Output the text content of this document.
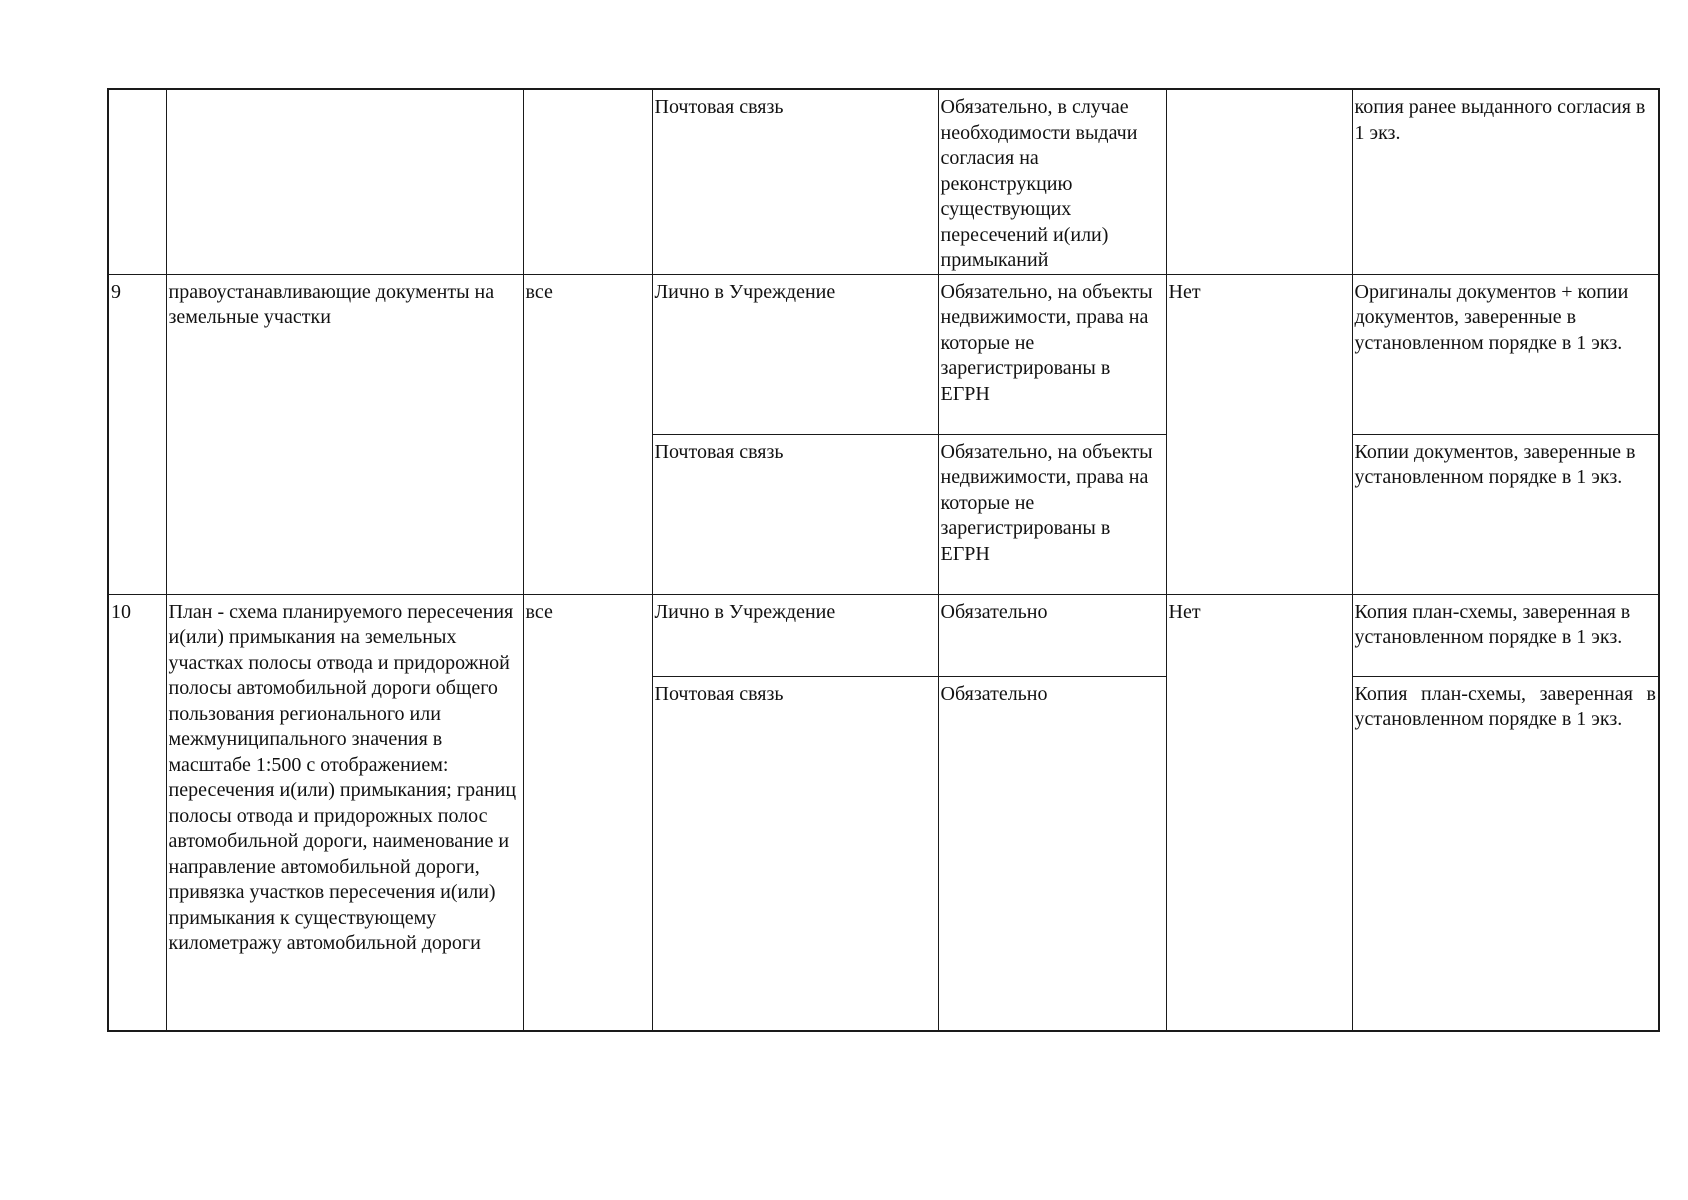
			Почтовая связь	Обязательно, в случае необходимости выдачи согласия на реконструкцию существующих пересечений и(или) примыканий		копия ранее выданного согласия в 1 экз.
9	правоустанавливающие документы на земельные участки	все	Лично в Учреждение	Обязательно, на объекты недвижимости, права на которые не зарегистрированы в ЕГРН	Нет	Оригиналы документов + копии документов, заверенные в установленном порядке в 1 экз.
			Почтовая связь	Обязательно, на объекты недвижимости, права на которые не зарегистрированы в ЕГРН		Копии документов, заверенные в установленном порядке в 1 экз.
10	План - схема планируемого пересечения и(или) примыкания на земельных участках полосы отвода и придорожной полосы автомобильной дороги общего пользования регионального или межмуниципального значения в масштабе 1:500 с отображением: пересечения и(или) примыкания; границ полосы отвода и придорожных полос автомобильной дороги, наименование и направление автомобильной дороги, привязка участков пересечения и(или) примыкания к существующему километражу автомобильной дороги	все	Лично в Учреждение	Обязательно	Нет	Копия план-схемы, заверенная в установленном порядке в 1 экз.
			Почтовая связь	Обязательно		Копия план-схемы, заверенная в установленном порядке в 1 экз.
